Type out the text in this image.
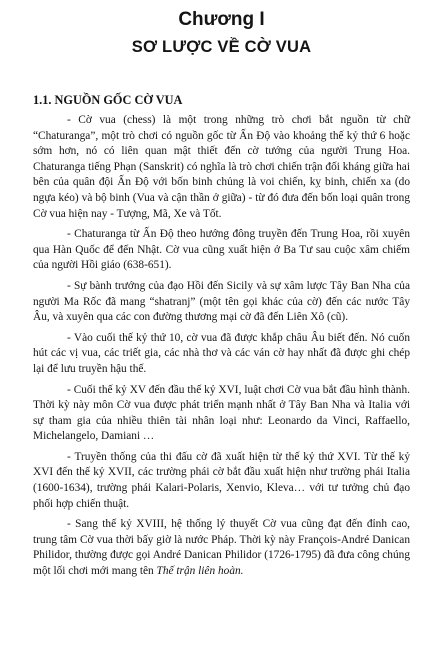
Chương I
SƠ LƯỢC VỀ CỜ VUA
1.1. NGUỒN GỐC CỜ VUA

- Cờ vua (chess) là một trong những trò chơi bắt nguồn từ chữ “Chaturanga”, một trò chơi có nguồn gốc từ Ấn Độ vào khoảng thế kỷ thứ 6 hoặc sớm hơn, nó có liên quan mật thiết đến cờ tướng của người Trung Hoa. Chaturanga tiếng Phạn (Sanskrit) có nghĩa là trò chơi chiến trận đối kháng giữa hai bên của quân đội Ấn Độ với bốn binh chủng là voi chiến, kỵ binh, chiến xa (do ngựa kéo) và bộ binh (Vua và cận thần ở giữa) - từ đó đưa đến bốn loại quân trong Cờ vua hiện nay - Tượng, Mã, Xe và Tốt.

- Chaturanga từ Ấn Độ theo hướng đông truyền đến Trung Hoa, rồi xuyên qua Hàn Quốc để đến Nhật. Cờ vua cũng xuất hiện ở Ba Tư sau cuộc xâm chiếm của người Hồi giáo (638-651).

- Sự bành trướng của đạo Hồi đến Sicily và sự xâm lược Tây Ban Nha của người Ma Rốc đã mang “shatranj” (một tên gọi khác của cờ) đến các nước Tây Âu, và xuyên qua các con đường thương mại cờ đã đến Liên Xô (cũ).

- Vào cuối thế kỷ thứ 10, cờ vua đã được khắp châu Âu biết đến. Nó cuốn hút các vị vua, các triết gia, các nhà thơ và các ván cờ hay nhất đã được ghi chép lại để lưu truyền hậu thế.

- Cuối thế kỷ XV đến đầu thế kỷ XVI, luật chơi Cờ vua bắt đầu hình thành. Thời kỳ này môn Cờ vua được phát triển mạnh nhất ở Tây Ban Nha và Italia với sự tham gia của nhiều thiên tài nhân loại như: Leonardo da Vinci, Raffaello, Michelangelo, Damiani …

- Truyền thống của thi đấu cờ đã xuất hiện từ thế kỷ thứ XVI. Từ thế kỷ XVI đến thế kỷ XVII, các trường phái cờ bắt đầu xuất hiện như trường phái Italia (1600-1634), trường phái Kalari-Polaris, Xenvio, Kleva… với tư tưởng chủ đạo phối hợp chiến thuật.

- Sang thế kỷ XVIII, hệ thống lý thuyết Cờ vua cũng đạt đến đỉnh cao, trung tâm Cờ vua thời bấy giờ là nước Pháp. Thời kỳ này François-André Danican Philidor, thường được gọi André Danican Philidor (1726-1795) đã đưa công chúng một lối chơi mới mang tên Thế trận liên hoàn.
